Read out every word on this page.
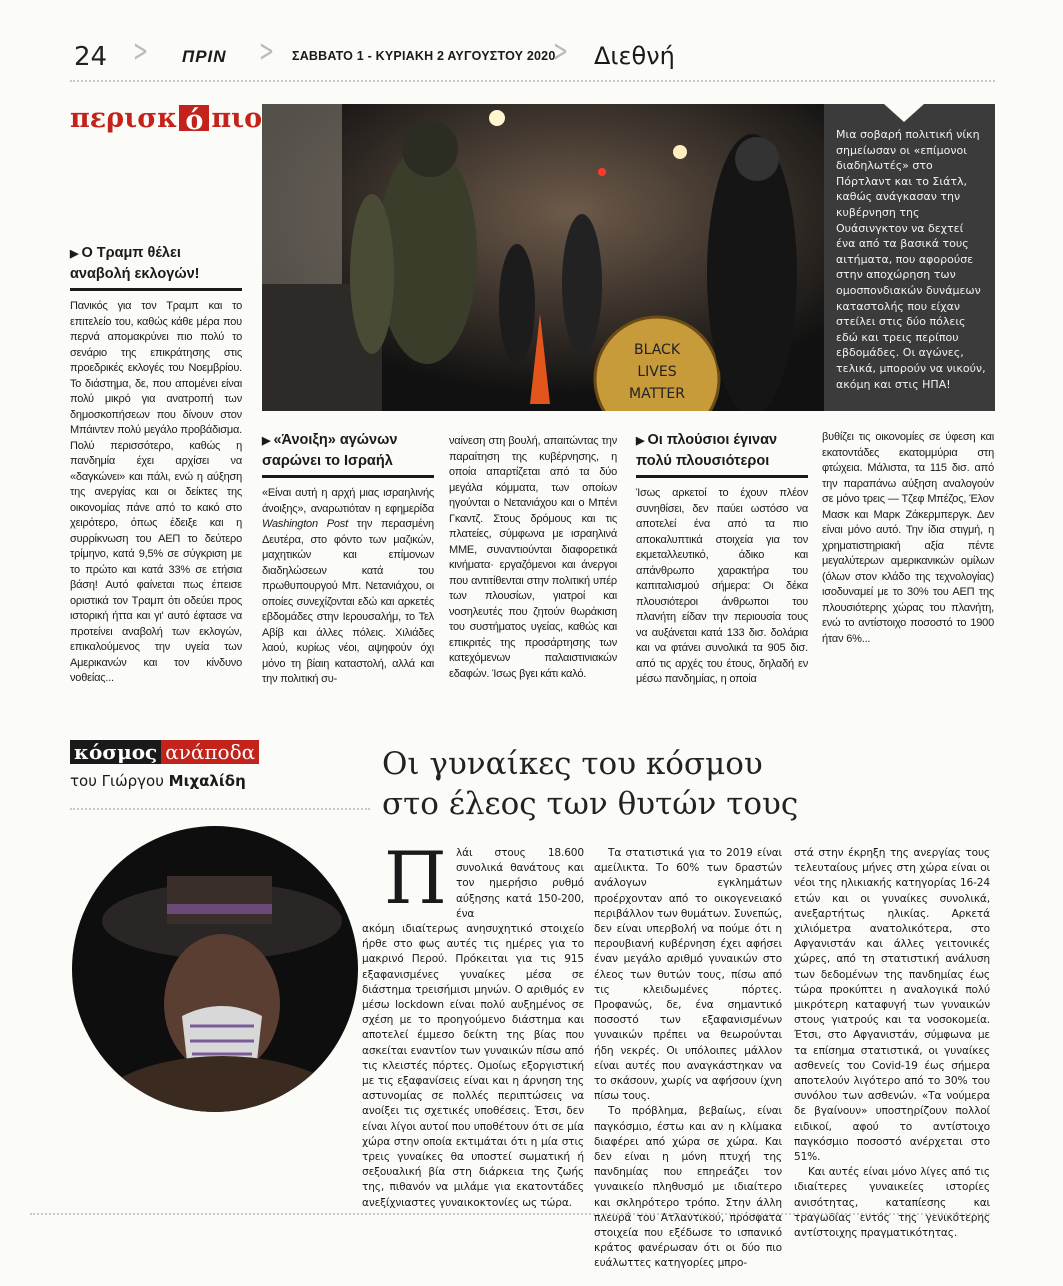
24 > ΠΡΙΝ > ΣΑΒΒΑΤΟ 1 - ΚΥΡΙΑΚΗ 2 ΑΥΓΟΥΣΤΟΥ 2020
> Διεθνή
περισκ ό πιο
▶ Ο Τραμπ θέλει αναβολή εκλογών!
Πανικός για τον Τραμπ και το επιτελείο του, καθώς κάθε μέρα που περνά απομακρύνει πιο πολύ το σενάριο της επικράτησης στις προεδρικές εκλογές του Νοεμβρίου. Το διάστημα, δε, που απομένει είναι πολύ μικρό για ανατροπή των δημοσκοπήσεων που δίνουν στον Μπάιντεν πολύ μεγάλο προβάδισμα. Πολύ περισσότερο, καθώς η πανδημία έχει αρχίσει να «δαγκώνει» και πάλι, ενώ η αύξηση της ανεργίας και οι δείκτες της οικονομίας πάνε από το κακό στο χειρότερο, όπως έδειξε και η συρρίκνωση του ΑΕΠ το δεύτερο τρίμηνο, κατά 9,5% σε σύγκριση με το πρώτο και κατά 33% σε ετήσια βάση! Αυτό φαίνεται πως έπεισε οριστικά τον Τραμπ ότι οδεύει προς ιστορική ήττα και γι' αυτό έφτασε να προτείνει αναβολή των εκλογών, επικαλούμενος την υγεία των Αμερικανών και τον κίνδυνο νοθείας...
BLACK
LIVES
MATTER
Μια σοβαρή πολιτική νίκη σημείωσαν οι «επίμονοι διαδηλωτές» στο Πόρτλαντ και το Σιάτλ, καθώς ανάγκασαν την κυβέρνηση της Ουάσινγκτον να δεχτεί ένα από τα βασικά τους αιτήματα, που αφορούσε στην αποχώρηση των ομοσπονδιακών δυνάμεων καταστολής που είχαν στείλει στις δύο πόλεις εδώ και τρεις περίπου εβδομάδες. Οι αγώνες, τελικά, μπορούν να νικούν, ακόμη και στις ΗΠΑ!
▶ «Άνοιξη» αγώνων σαρώνει το Ισραήλ
«Είναι αυτή η αρχή μιας ισραηλινής άνοιξης», αναρωτιόταν η εφημερίδα Washington Post την περασμένη Δευτέρα, στο φόντο των μαζικών, μαχητικών και επίμονων διαδηλώσεων κατά του πρωθυπουργού Μπ. Νετανιάχου, οι οποίες συνεχίζονται εδώ και αρκετές εβδομάδες στην Ιερουσαλήμ, το Τελ Αβίβ και άλλες πόλεις. Χιλιάδες λαού, κυρίως νέοι, αψηφούν όχι μόνο τη βίαιη καταστολή, αλλά και την πολιτική συ-
ναίνεση στη βουλή, απαιτώντας την παραίτηση της κυβέρνησης, η οποία απαρτίζεται από τα δύο μεγάλα κόμματα, των οποίων ηγούνται ο Νετανιάχου και ο Μπένι Γκαντζ. Στους δρόμους και τις πλατείες, σύμφωνα με ισραηλινά ΜΜΕ, συναντιούνται διαφορετικά κινήματα· εργαζόμενοι και άνεργοι που αντιτίθενται στην πολιτική υπέρ των πλουσίων, γιατροί και νοσηλευτές που ζητούν θωράκιση του συστήματος υγείας, καθώς και επικριτές της προσάρτησης των κατεχόμενων παλαιστινιακών εδαφών. Ίσως βγει κάτι καλό.
▶ Οι πλούσιοι έγιναν πολύ πλουσιότεροι
Ίσως αρκετοί το έχουν πλέον συνηθίσει, δεν παύει ωστόσο να αποτελεί ένα από τα πιο αποκαλυπτικά στοιχεία για τον εκμεταλλευτικό, άδικο και απάνθρωπο χαρακτήρα του καπιταλισμού σήμερα: Οι δέκα πλουσιότεροι άνθρωποι του πλανήτη είδαν την περιουσία τους να αυξάνεται κατά 133 δισ. δολάρια και να φτάνει συνολικά τα 905 δισ. από τις αρχές του έτους, δηλαδή εν μέσω πανδημίας, η οποία
βυθίζει τις οικονομίες σε ύφεση και εκατοντάδες εκατομμύρια στη φτώχεια. Μάλιστα, τα 115 δισ. από την παραπάνω αύξηση αναλογούν σε μόνο τρεις — Τζεφ Μπέζος, Έλον Μασκ και Μαρκ Ζάκερμπεργκ. Δεν είναι μόνο αυτό. Την ίδια στιγμή, η χρηματιστηριακή αξία πέντε μεγαλύτερων αμερικανικών ομίλων (όλων στον κλάδο της τεχνολογίας) ισοδυναμεί με το 30% του ΑΕΠ της πλουσιότερης χώρας του πλανήτη, ενώ το αντίστοιχο ποσοστό το 1900 ήταν 6%...
κόσμος ανάποδα
του Γιώργου Μιχαλίδη	Οι γυναίκες του κόσμου
στο έλεος των θυτών τους
Π λάι στους 18.600 συνολικά θανάτους και τον ημερήσιο ρυθμό αύξησης κατά 150-200, ένα
ακόμη ιδιαίτερως ανησυχητικό στοιχείο ήρθε στο φως αυτές τις ημέρες για το μακρινό Περού. Πρόκειται για τις 915 εξαφανισμένες γυναίκες μέσα σε διάστημα τρεισήμισι μηνών. Ο αριθμός εν μέσω lockdown είναι πολύ αυξημένος σε σχέση με το προηγούμενο διάστημα και αποτελεί έμμεσο δείκτη της βίας που ασκείται εναντίον των γυναικών πίσω από τις κλειστές πόρτες. Ομοίως εξοργιστική με τις εξαφανίσεις είναι και η άρνηση της αστυνομίας σε πολλές περιπτώσεις να ανοίξει τις σχετικές υποθέσεις. Έτσι, δεν είναι λίγοι αυτοί που υποθέτουν ότι σε μία χώρα στην οποία εκτιμάται ότι η μία στις τρεις γυναίκες θα υποστεί σωματική ή σεξουαλική βία στη διάρκεια της ζωής της, πιθανόν να μιλάμε για εκατοντάδες ανεξίχνιαστες γυναικοκτονίες ως τώρα.
Τα στατιστικά για το 2019 είναι αμείλικτα. Το 60% των δραστών ανάλογων εγκλημάτων προέρχονταν από το οικογενειακό περιβάλλον των θυμάτων. Συνεπώς, δεν είναι υπερβολή να πούμε ότι η περουβιανή κυβέρνηση έχει αφήσει έναν μεγάλο αριθμό γυναικών στο έλεος των θυτών τους, πίσω από τις κλειδωμένες πόρτες. Προφανώς, δε, ένα σημαντικό ποσοστό των εξαφανισμένων γυναικών πρέπει να θεωρούνται ήδη νεκρές. Οι υπόλοιπες μάλλον είναι αυτές που αναγκάστηκαν να το σκάσουν, χωρίς να αφήσουν ίχνη πίσω τους.
Το πρόβλημα, βεβαίως, είναι παγκόσμιο, έστω και αν η κλίμακα διαφέρει από χώρα σε χώρα. Και δεν είναι η μόνη πτυχή της πανδημίας που επηρεάζει τον γυναικείο πληθυσμό με ιδιαίτερο και σκληρότερο τρόπο. Στην άλλη πλευρά του Ατλαντικού, πρόσφατα στοιχεία που εξέδωσε το ισπανικό κράτος φανέρωσαν ότι οι δύο πιο ευάλωττες κατηγορίες μπρο-
στά στην έκρηξη της ανεργίας τους τελευταίους μήνες στη χώρα είναι οι νέοι της ηλικιακής κατηγορίας 16-24 ετών και οι γυναίκες συνολικά, ανεξαρτήτως ηλικίας. Αρκετά χιλιόμετρα ανατολικότερα, στο Αφγανιστάν και άλλες γειτονικές χώρες, από τη στατιστική ανάλυση των δεδομένων της πανδημίας έως τώρα προκύπτει η αναλογικά πολύ μικρότερη καταφυγή των γυναικών στους γιατρούς και τα νοσοκομεία. Έτσι, στο Αφγανιστάν, σύμφωνα με τα επίσημα στατιστικά, οι γυναίκες ασθενείς του Covid-19 έως σήμερα αποτελούν λιγότερο από το 30% του συνόλου των ασθενών. «Τα νούμερα δε βγαίνουν» υποστηρίζουν πολλοί ειδικοί, αφού το αντίστοιχο παγκόσμιο ποσοστό ανέρχεται στο 51%.
Και αυτές είναι μόνο λίγες από τις ιδιαίτερες γυναικείες ιστορίες ανισότητας, καταπίεσης και τραγωδίας εντός της γενικότερης αντίστοιχης πραγματικότητας.
